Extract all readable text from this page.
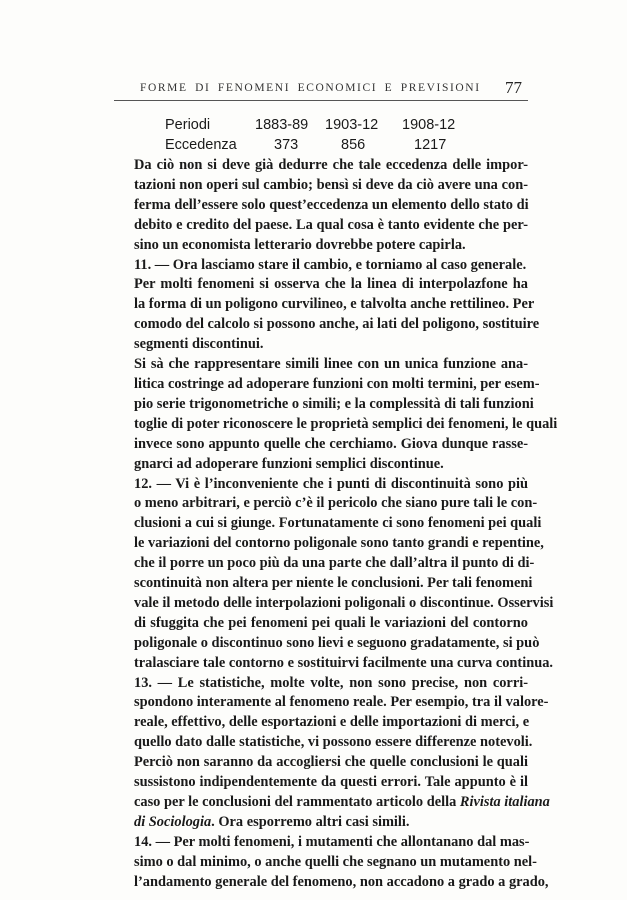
FORME DI FENOMENI ECONOMICI E PREVISIONI 77
Periodi	1883-89 1903-12 1908-12
Eccedenza	373	856	1217
Da ciò non si deve già dedurre che tale eccedenza delle impor-
tazioni non operi sul cambio; bensì si deve da ciò avere una con-
ferma dell’essere solo quest’eccedenza un elemento dello stato di
debito e credito del paese. La qual cosa è tanto evidente che per-
sino un economista letterario dovrebbe potere capirla.
11. — Ora lasciamo stare il cambio, e torniamo al caso generale.
Per molti fenomeni si osserva che la linea di interpolazfone ha
la forma di un poligono curvilineo, e talvolta anche rettilineo. Per
comodo del calcolo si possono anche, ai lati del poligono, sostituire
segmenti discontinui.
Si sà che rappresentare simili linee con un unica funzione ana-
litica costringe ad adoperare funzioni con molti termini, per esem-
pio serie trigonometriche o simili; e la complessità di tali funzioni
toglie di poter riconoscere le proprietà semplici dei fenomeni, le quali
invece sono appunto quelle che cerchiamo. Giova dunque rasse-
gnarci ad adoperare funzioni semplici discontinue.
12. — Vi è l’inconveniente che i punti di discontinuità sono più
o meno arbitrari, e perciò c’è il pericolo che siano pure tali le con-
clusioni a cui si giunge. Fortunatamente ci sono fenomeni pei quali
le variazioni del contorno poligonale sono tanto grandi e repentine,
che il porre un poco più da una parte che dall’altra il punto di di-
scontinuità non altera per niente le conclusioni. Per tali fenomeni
vale il metodo delle interpolazioni poligonali o discontinue. Osservisi
di sfuggita che pei fenomeni pei quali le variazioni del contorno
poligonale o discontinuo sono lievi e seguono gradatamente, si può
tralasciare tale contorno e sostituirvi facilmente una curva continua.
13. — Le statistiche, molte volte, non sono precise, non corri-
spondono interamente al fenomeno reale. Per esempio, tra il valore-
reale, effettivo, delle esportazioni e delle importazioni di merci, e
quello dato dalle statistiche, vi possono essere differenze notevoli.
Perciò non saranno da accogliersi che quelle conclusioni le quali
sussistono indipendentemente da questi errori. Tale appunto è il
caso per le conclusioni del rammentato articolo della Rivista italiana
di Sociologia. Ora esporremo altri casi simili.
14. — Per molti fenomeni, i mutamenti che allontanano dal mas-
simo o dal minimo, o anche quelli che segnano un mutamento nel-
l’andamento generale del fenomeno, non accadono a grado a grado,
